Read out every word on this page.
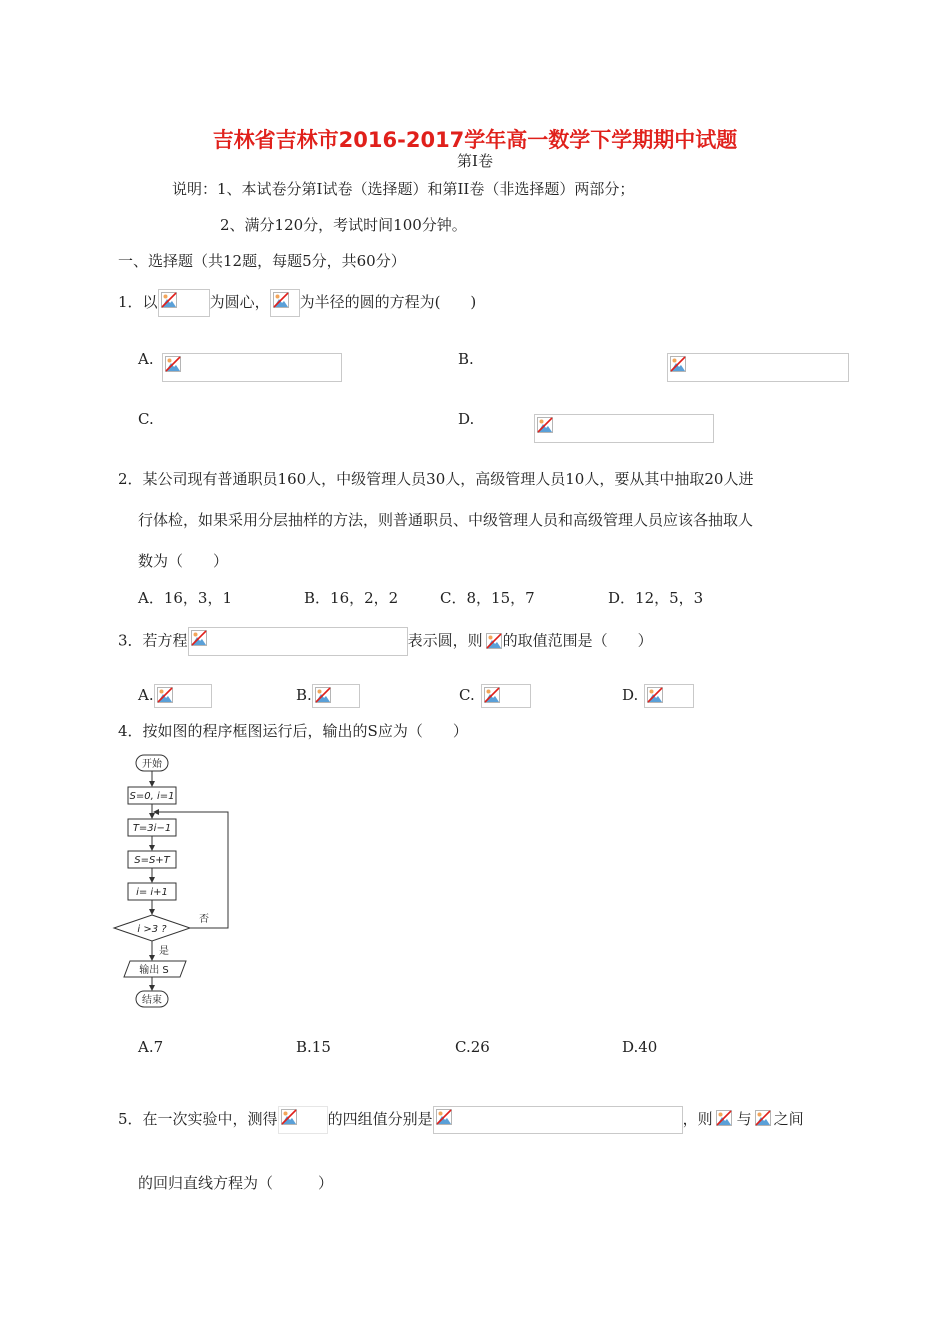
吉林省吉林市2016-2017学年高一数学下学期期中试题
第I卷
说明：1、本试卷分第I试卷（选择题）和第II卷（非选择题）两部分；
2、满分120分，考试时间100分钟。
一、选择题（共12题，每题5分，共60分）
1．以	为圆心， 为半径的圆的方程为(　　)
A.
	B.

C.
	D.
2．某公司现有普通职员160人，中级管理人员30人，高级管理人员10人，要从其中抽取20人进
行体检，如果采用分层抽样的方法，则普通职员、中级管理人员和高级管理人员应该各抽取人
数为（　　）
A．16，3，1	B．16，2，2	C．8，15，7	D．12，5，3
3．若方程	表示圆，则 的取值范围是（　　）
A.	B.	C.	D.
4．按如图的程序框图运行后，输出的S应为（　　）
开始
S=0, i=1
T=3i−1
S=S+T
i= i+1
i >3 ?
否
是
输出 S
结束
A.7	B.15	C.26	D.40
5．在一次实验中，测得	的四组值分别是	，则 与 之间
的回归直线方程为（　　　）
